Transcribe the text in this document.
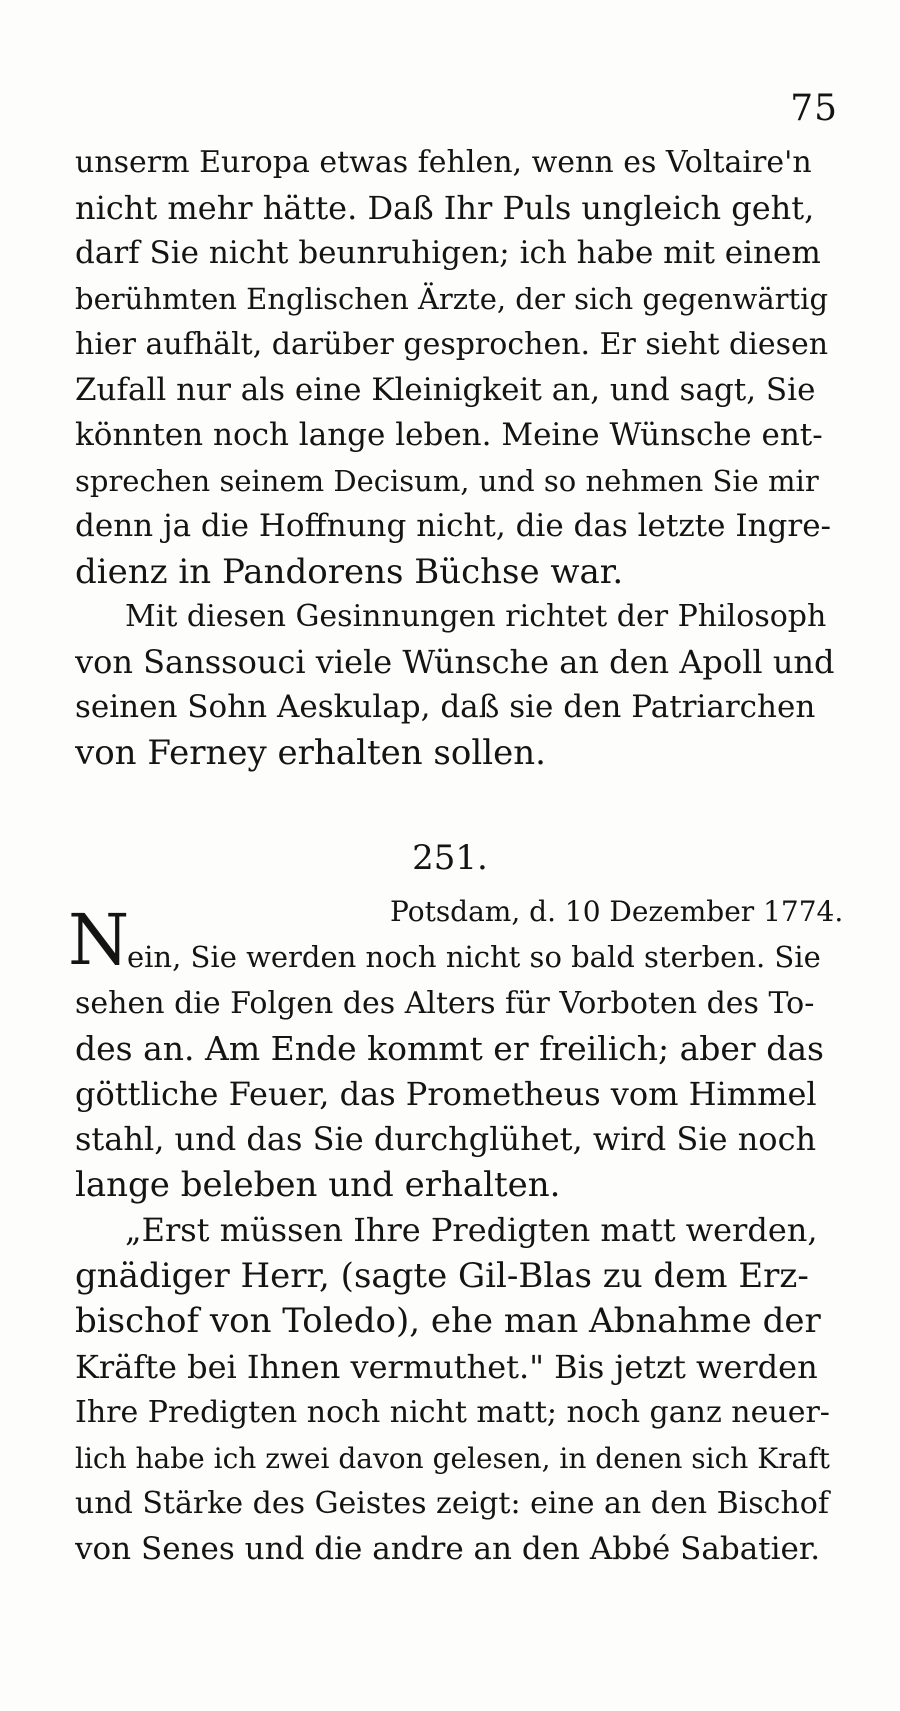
75
unserm Europa etwas fehlen, wenn es Voltaire'n
nicht mehr hätte. Daß Ihr Puls ungleich geht,
darf Sie nicht beunruhigen; ich habe mit einem
berühmten Englischen Ärzte, der sich gegenwärtig
hier aufhält, darüber gesprochen. Er sieht diesen
Zufall nur als eine Kleinigkeit an, und sagt, Sie
könnten noch lange leben. Meine Wünsche ent-
sprechen seinem Decisum, und so nehmen Sie mir
denn ja die Hoffnung nicht, die das letzte Ingre-
dienz in Pandorens Büchse war.
Mit diesen Gesinnungen richtet der Philosoph
von Sanssouci viele Wünsche an den Apoll und
seinen Sohn Aeskulap, daß sie den Patriarchen
von Ferney erhalten sollen.
251.
Potsdam, d. 10 Dezember 1774.
N
ein, Sie werden noch nicht so bald sterben. Sie
sehen die Folgen des Alters für Vorboten des To-
des an. Am Ende kommt er freilich; aber das
göttliche Feuer, das Prometheus vom Himmel
stahl, und das Sie durchglühet, wird Sie noch
lange beleben und erhalten.
„Erst müssen Ihre Predigten matt werden,
gnädiger Herr, (sagte Gil-Blas zu dem Erz-
bischof von Toledo), ehe man Abnahme der
Kräfte bei Ihnen vermuthet." Bis jetzt werden
Ihre Predigten noch nicht matt; noch ganz neuer-
lich habe ich zwei davon gelesen, in denen sich Kraft
und Stärke des Geistes zeigt: eine an den Bischof
von Senes und die andre an den Abbé Sabatier.
